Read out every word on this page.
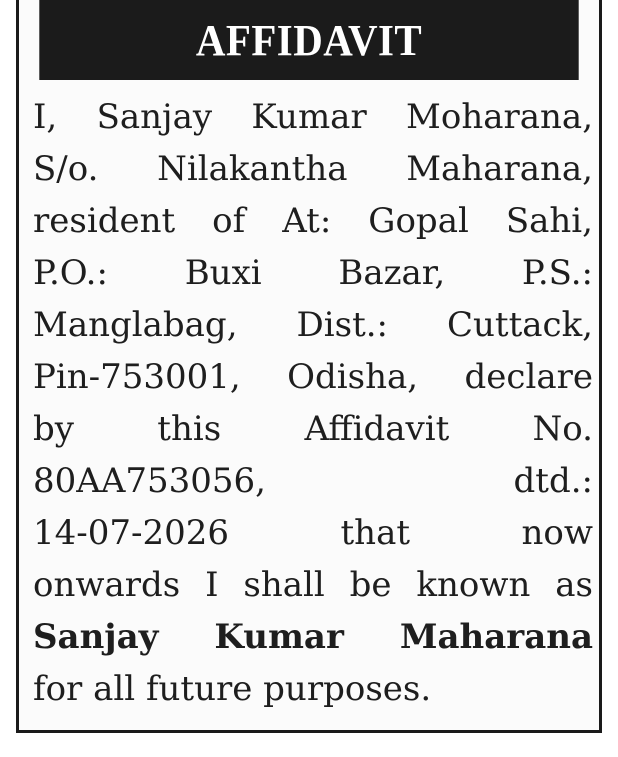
AFFIDAVIT
I, Sanjay Kumar Moharana,
S/o. Nilakantha Maharana,
resident of At: Gopal Sahi,
P.O.: Buxi Bazar, P.S.:
Manglabag, Dist.: Cuttack,
Pin-753001, Odisha, declare
by this Affidavit No.
80AA753056,	dtd.:
14-07-2026	that	now
onwards I shall be known as
Sanjay Kumar Maharana
for all future purposes.
